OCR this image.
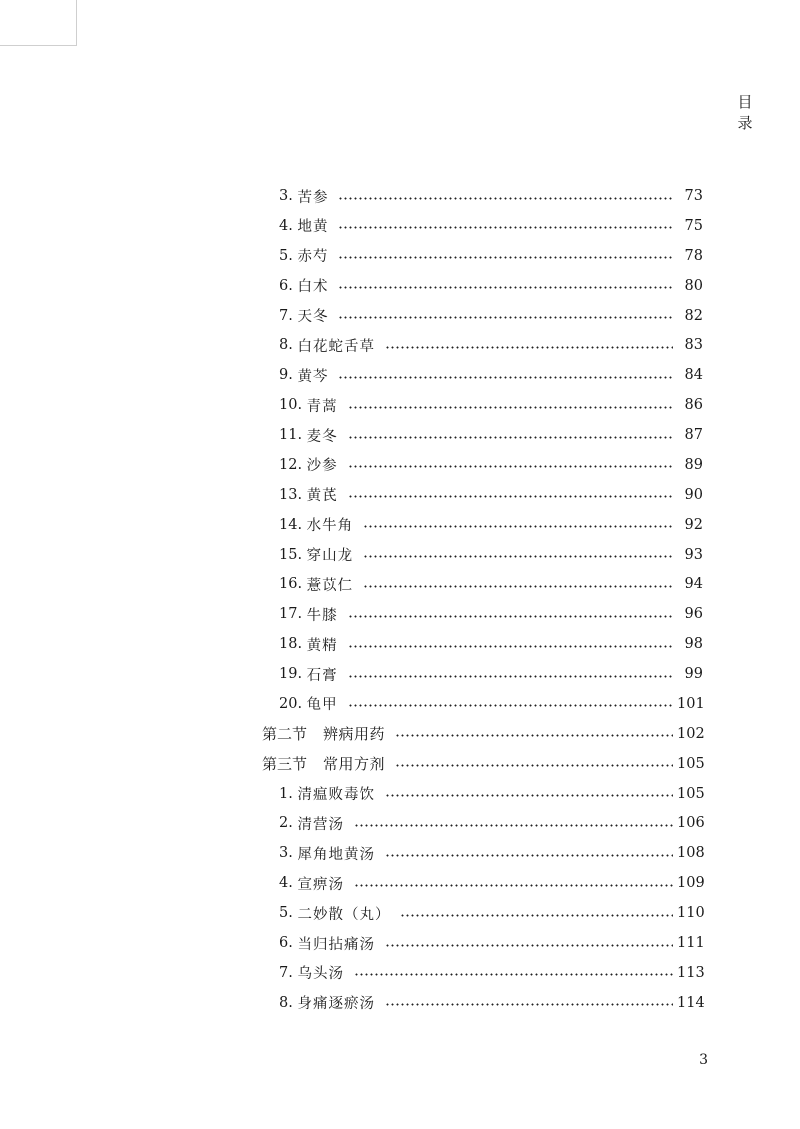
目
录
3. 苦参	73
4. 地黄	75
5. 赤芍	78
6. 白术	80
7. 天冬	82
8. 白花蛇舌草	83
9. 黄芩	84
10. 青蒿	86
11. 麦冬	87
12. 沙参	89
13. 黄芪	90
14. 水牛角	92
15. 穿山龙	93
16. 薏苡仁	94
17. 牛膝	96
18. 黄精	98
19. 石膏	99
20. 龟甲	101
第二节 辨病用药	102
第三节 常用方剂	105
1. 清瘟败毒饮	105
2. 清营汤	106
3. 犀角地黄汤	108
4. 宣痹汤	109
5. 二妙散（丸）	110
6. 当归拈痛汤	111
7. 乌头汤	113
8. 身痛逐瘀汤	114
3
